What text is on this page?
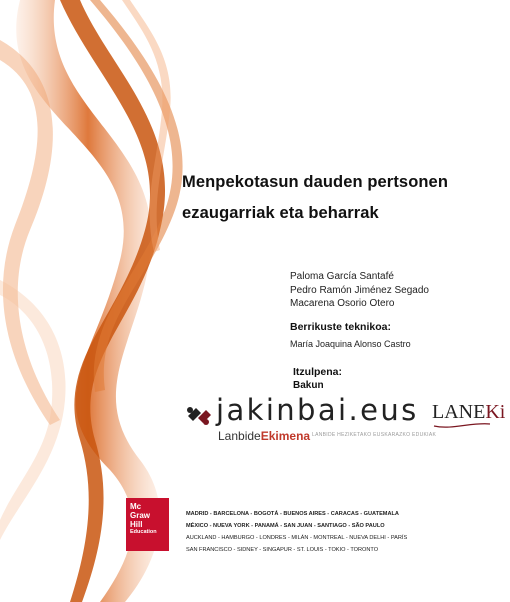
Menpekotasun dauden pertsonen
ezaugarriak eta beharrak
Paloma García Santafé
Pedro Ramón Jiménez Segado
Macarena Osorio Otero
Berrikuste teknikoa:
María Joaquina Alonso Castro
Itzulpena:
Bakun
jakinbai.eus LANEKi
LanbideEkimena LANBIDE HEZIKETAKO EUSKARAZKO EDUKIAK
Mc
Graw
Hill
Education
MADRID - BARCELONA - BOGOTÁ - BUENOS AIRES - CARACAS - GUATEMALA
MÉXICO - NUEVA YORK - PANAMÁ - SAN JUAN - SANTIAGO - SÃO PAULO
AUCKLAND - HAMBURGO - LONDRES - MILÁN - MONTREAL - NUEVA DELHI - PARÍS
SAN FRANCISCO - SIDNEY - SINGAPUR - ST. LOUIS - TOKIO - TORONTO
